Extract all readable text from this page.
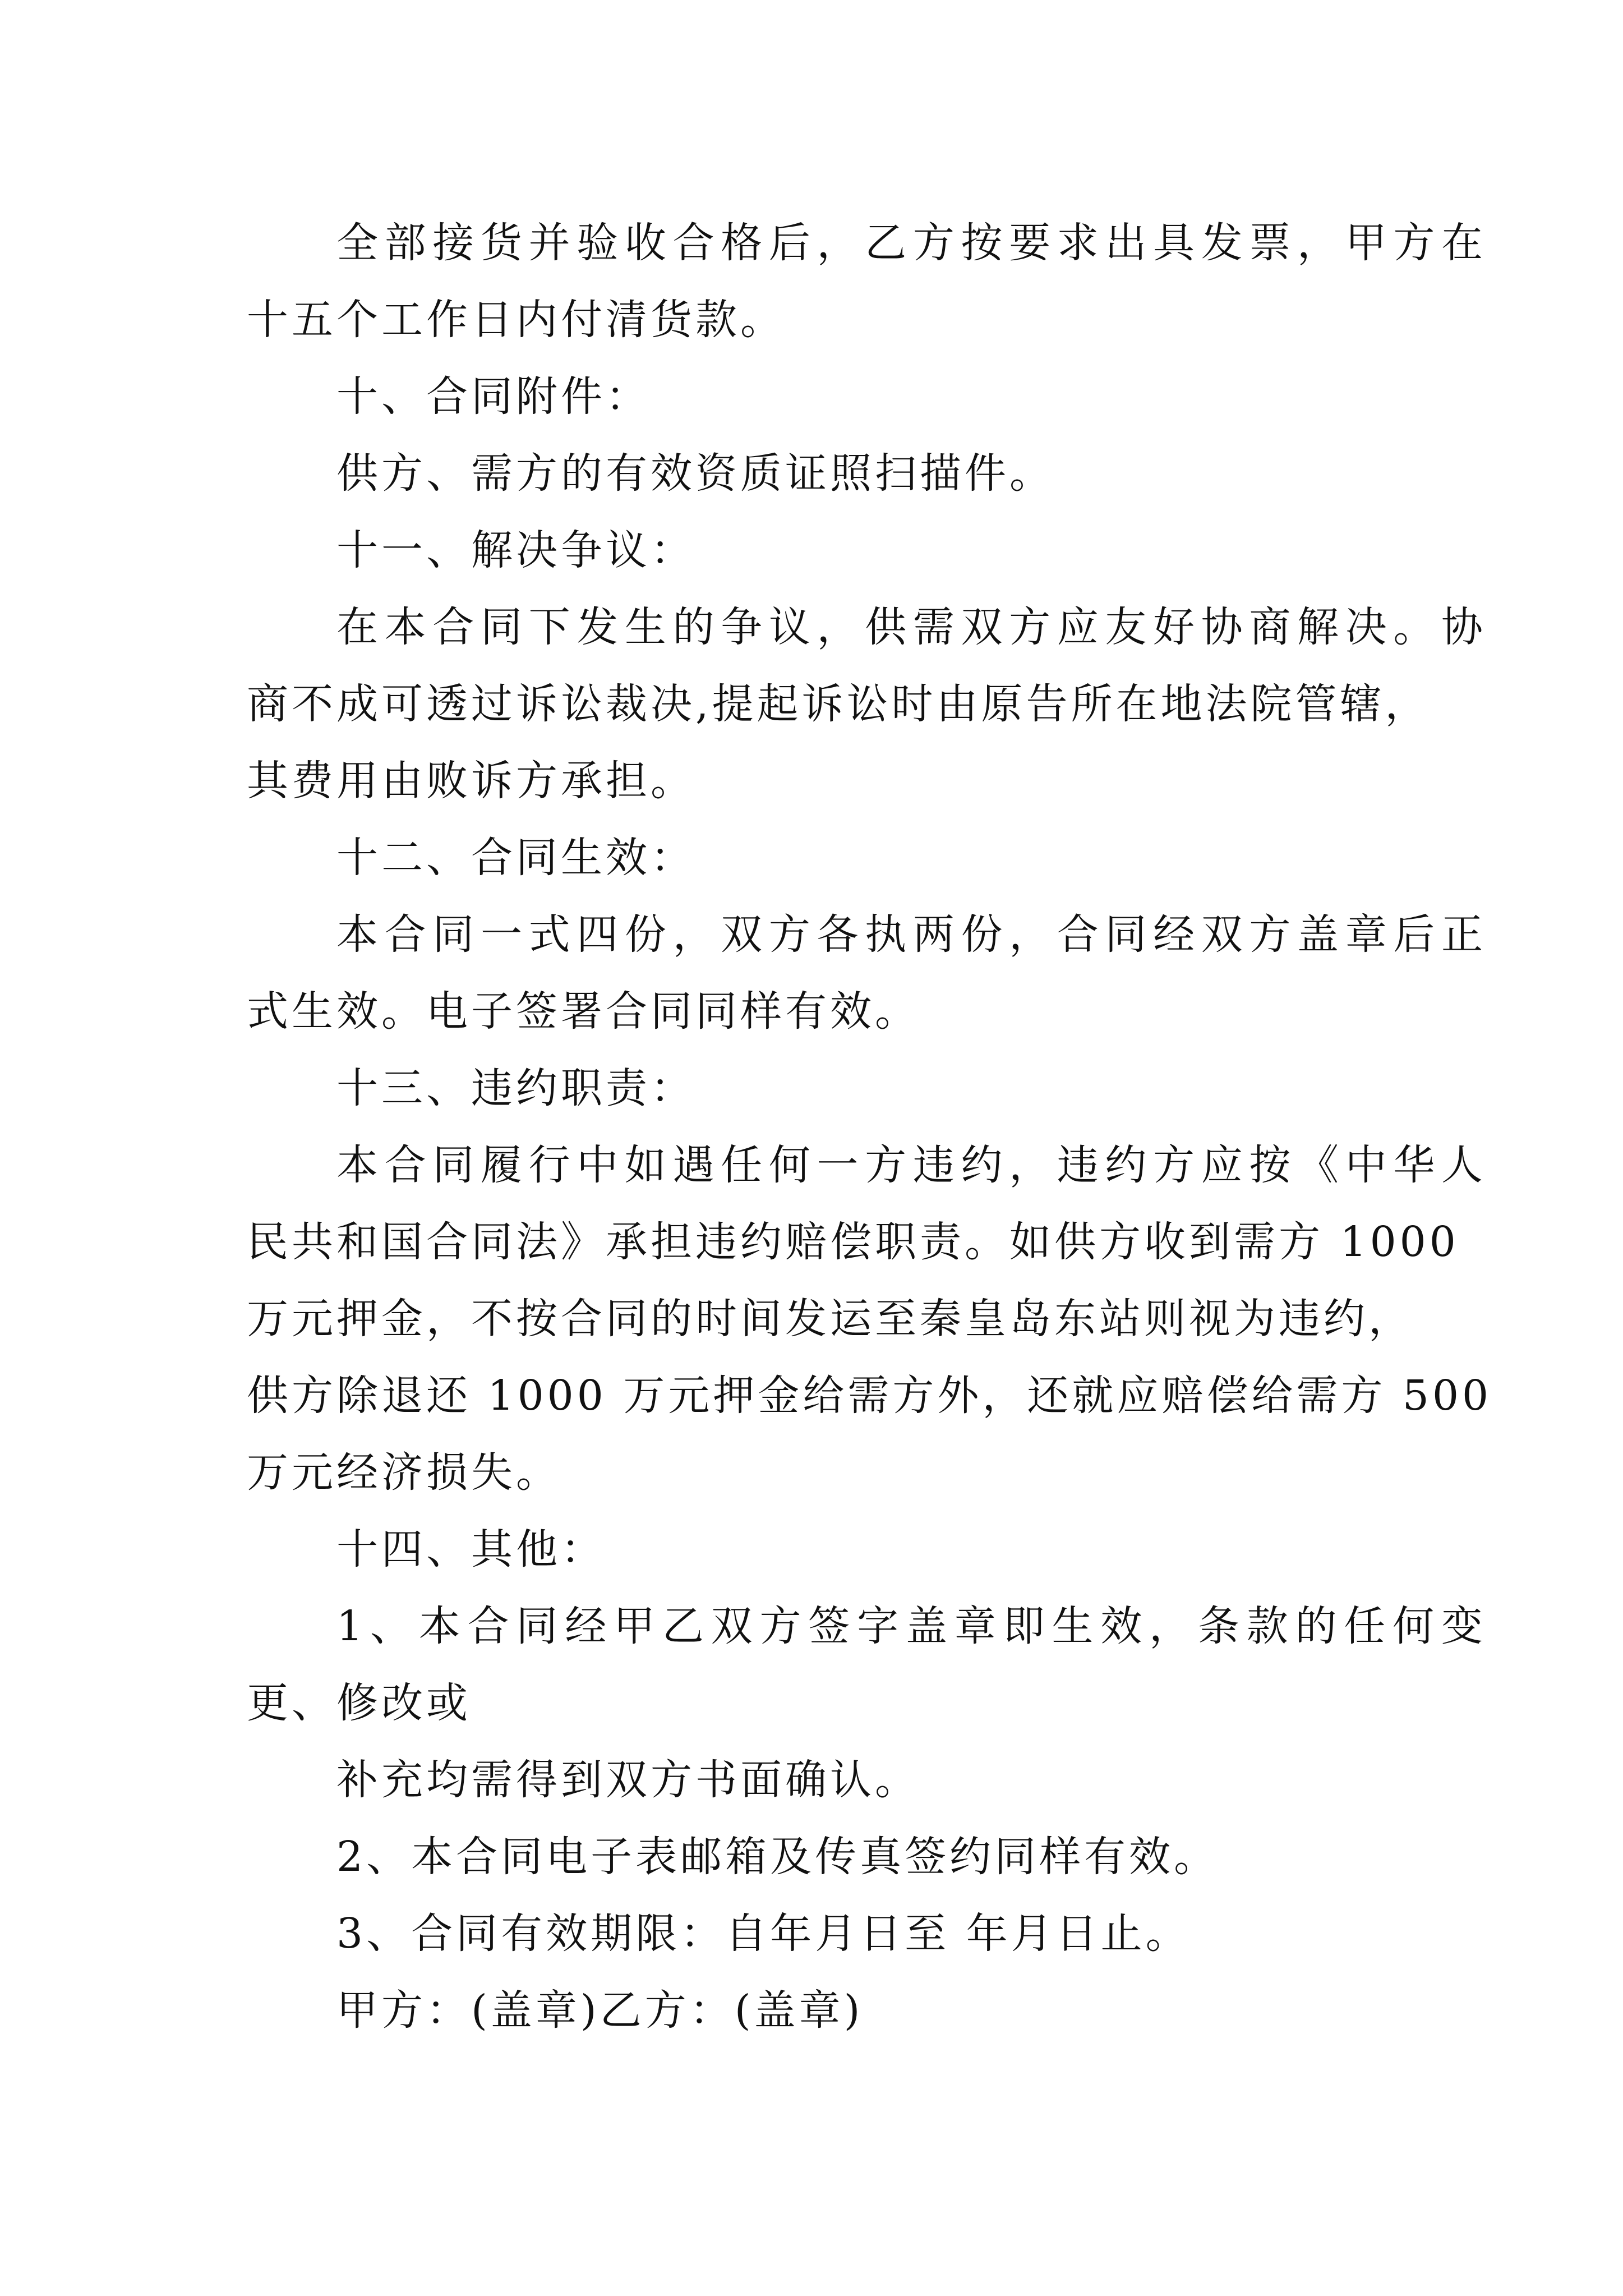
全部接货并验收合格后，乙方按要求出具发票，甲方在

十五个工作日内付清货款。

十、合同附件：

供方、需方的有效资质证照扫描件。

十一、解决争议：

在本合同下发生的争议，供需双方应友好协商解决。协

商不成可透过诉讼裁决,提起诉讼时由原告所在地法院管辖，

其费用由败诉方承担。

十二、合同生效：

本合同一式四份，双方各执两份，合同经双方盖章后正

式生效。电子签署合同同样有效。

十三、违约职责：

本合同履行中如遇任何一方违约，违约方应按《中华人

民共和国合同法》承担违约赔偿职责。如供方收到需方 1000

万元押金，不按合同的时间发运至秦皇岛东站则视为违约，

供方除退还 1000 万元押金给需方外，还就应赔偿给需方 500

万元经济损失。

十四、其他：

1、本合同经甲乙双方签字盖章即生效，条款的任何变

更、修改或

补充均需得到双方书面确认。

2、本合同电子表邮箱及传真签约同样有效。

3、合同有效期限：自年月日至 年月日止。

甲方：(盖章)乙方：(盖章)
